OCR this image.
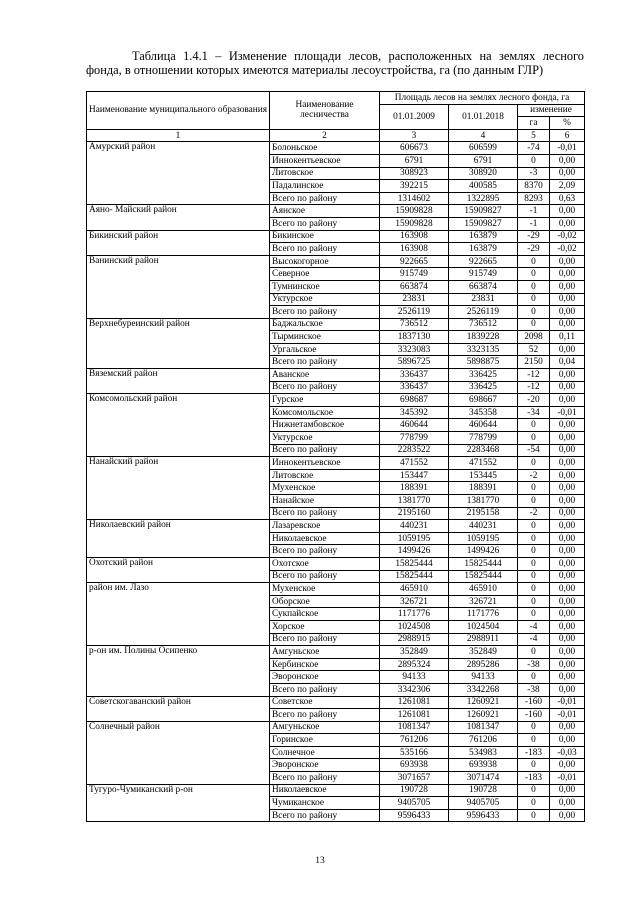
Таблица 1.4.1 – Изменение площади лесов, расположенных на землях лесного
фонда, в отношении которых имеются материалы лесоустройства, га (по данным ГЛР)
Наименование муниципального образования	Наименование лесничества	Площадь лесов на землях лесного фонда, га			
		01.01.2009	01.01.2018	изменение	
				га	%
1	2	3	4	5	6
Амурский район	Болоньское	606673	606599	-74	-0,01
	Иннокентьевское	6791	6791	0	0,00
	Литовское	308923	308920	-3	0,00
	Падалинское	392215	400585	8370	2,09
	Всего по району	1314602	1322895	8293	0,63
Аяно- Майский район	Аянское	15909828	15909827	-1	0,00
	Всего по району	15909828	15909827	-1	0,00
Бикинский район	Бикинское	163908	163879	-29	-0,02
	Всего по району	163908	163879	-29	-0,02
Ванинский район	Высокогорное	922665	922665	0	0,00
	Северное	915749	915749	0	0,00
	Тумнинское	663874	663874	0	0,00
	Уктурское	23831	23831	0	0,00
	Всего по району	2526119	2526119	0	0,00
Верхнебуреинский район	Баджальское	736512	736512	0	0,00
	Тырминское	1837130	1839228	2098	0,11
	Ургальское	3323083	3323135	52	0,00
	Всего по району	5896725	5898875	2150	0,04
Вяземский район	Аванское	336437	336425	-12	0,00
	Всего по району	336437	336425	-12	0,00
Комсомольский район	Гурское	698687	698667	-20	0,00
	Комсомольское	345392	345358	-34	-0,01
	Нижнетамбовское	460644	460644	0	0,00
	Уктурское	778799	778799	0	0,00
	Всего по району	2283522	2283468	-54	0,00
Нанайский район	Иннокентьевское	471552	471552	0	0,00
	Литовское	153447	153445	-2	0,00
	Мухенское	188391	188391	0	0,00
	Нанайское	1381770	1381770	0	0,00
	Всего по району	2195160	2195158	-2	0,00
Николаевский район	Лазаревское	440231	440231	0	0,00
	Николаевское	1059195	1059195	0	0,00
	Всего по району	1499426	1499426	0	0,00
Охотский район	Охотское	15825444	15825444	0	0,00
	Всего по району	15825444	15825444	0	0,00
район им. Лазо	Мухенское	465910	465910	0	0,00
	Оборское	326721	326721	0	0,00
	Сукпайское	1171776	1171776	0	0,00
	Хорское	1024508	1024504	-4	0,00
	Всего по району	2988915	2988911	-4	0,00
р-он им. Полины Осипенко	Амгуньское	352849	352849	0	0,00
	Кербинское	2895324	2895286	-38	0,00
	Эворонское	94133	94133	0	0,00
	Всего по району	3342306	3342268	-38	0,00
Советскогаванский район	Советское	1261081	1260921	-160	-0,01
	Всего по району	1261081	1260921	-160	-0,01
Солнечный район	Амгуньское	1081347	1081347	0	0,00
	Горинское	761206	761206	0	0,00
	Солнечное	535166	534983	-183	-0,03
	Эворонское	693938	693938	0	0,00
	Всего по району	3071657	3071474	-183	-0,01
Тугуро-Чумиканский р-он	Николаевское	190728	190728	0	0,00
	Чумиканское	9405705	9405705	0	0,00
	Всего по району	9596433	9596433	0	0,00
13
